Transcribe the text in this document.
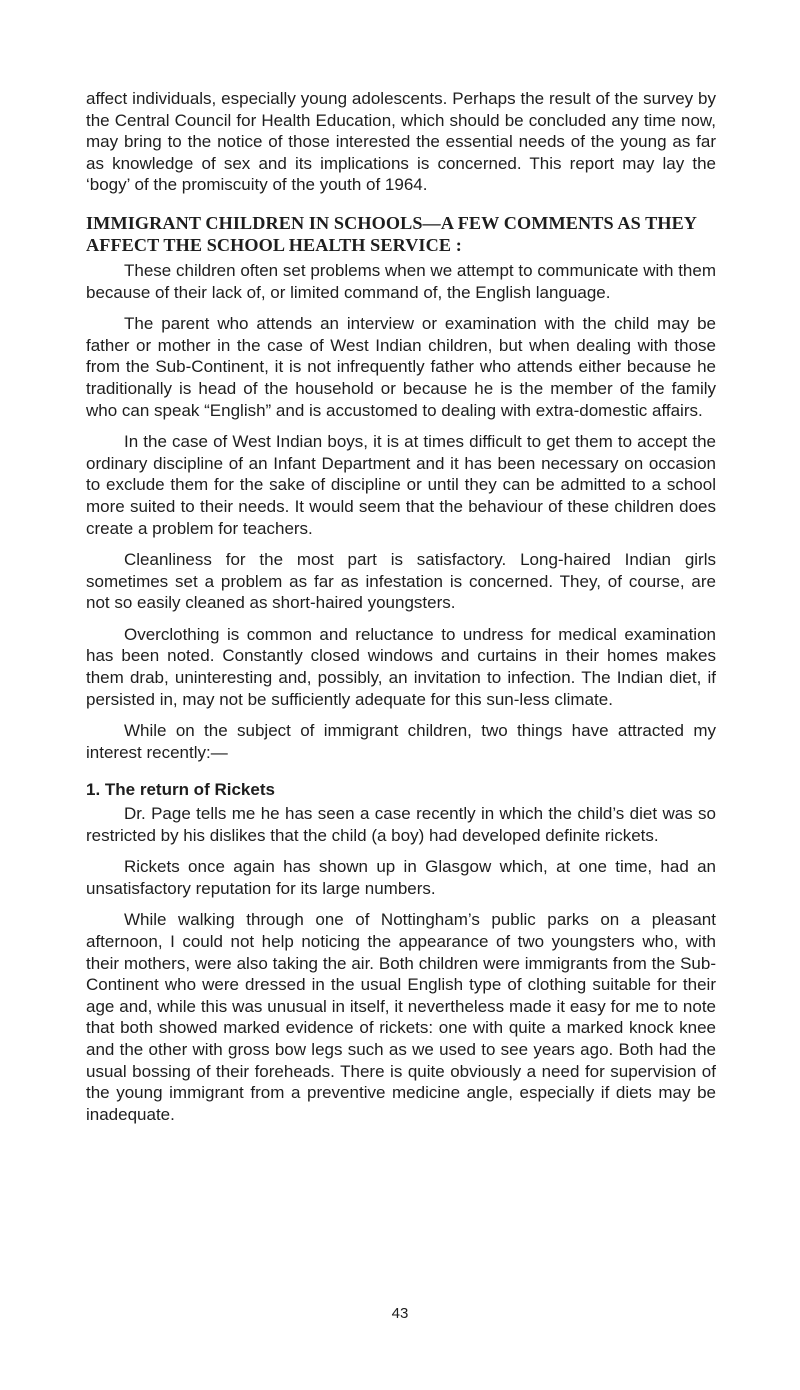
affect individuals, especially young adolescents. Perhaps the result of the survey by the Central Council for Health Education, which should be concluded any time now, may bring to the notice of those interested the essential needs of the young as far as knowledge of sex and its implications is concerned. This report may lay the ‘bogy’ of the promiscuity of the youth of 1964.

IMMIGRANT CHILDREN IN SCHOOLS—A FEW COMMENTS AS THEY AFFECT THE SCHOOL HEALTH SERVICE :

These children often set problems when we attempt to communicate with them because of their lack of, or limited command of, the English language.

The parent who attends an interview or examination with the child may be father or mother in the case of West Indian children, but when dealing with those from the Sub-Continent, it is not infrequently father who attends either because he traditionally is head of the household or because he is the member of the family who can speak “English” and is accustomed to dealing with extra-domestic affairs.

In the case of West Indian boys, it is at times difficult to get them to accept the ordinary discipline of an Infant Department and it has been necessary on occasion to exclude them for the sake of discipline or until they can be admitted to a school more suited to their needs. It would seem that the behaviour of these children does create a problem for teachers.

Cleanliness for the most part is satisfactory. Long-haired Indian girls sometimes set a problem as far as infestation is concerned. They, of course, are not so easily cleaned as short-haired youngsters.

Overclothing is common and reluctance to undress for medical examination has been noted. Constantly closed windows and curtains in their homes makes them drab, uninteresting and, possibly, an invitation to infection. The Indian diet, if persisted in, may not be sufficiently adequate for this sun-less climate.

While on the subject of immigrant children, two things have attracted my interest recently:—

1. The return of Rickets

Dr. Page tells me he has seen a case recently in which the child’s diet was so restricted by his dislikes that the child (a boy) had developed definite rickets.

Rickets once again has shown up in Glasgow which, at one time, had an unsatisfactory reputation for its large numbers.

While walking through one of Nottingham’s public parks on a pleasant afternoon, I could not help noticing the appearance of two youngsters who, with their mothers, were also taking the air. Both children were immigrants from the Sub-Continent who were dressed in the usual English type of clothing suitable for their age and, while this was unusual in itself, it nevertheless made it easy for me to note that both showed marked evidence of rickets: one with quite a marked knock knee and the other with gross bow legs such as we used to see years ago. Both had the usual bossing of their foreheads. There is quite obviously a need for supervision of the young immigrant from a preventive medicine angle, especially if diets may be inadequate.

43
